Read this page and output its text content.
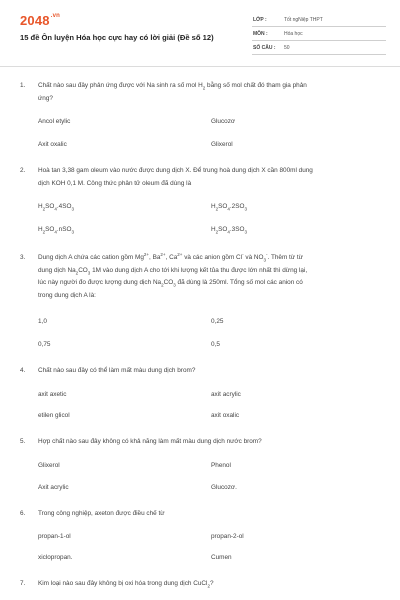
$2048^{.vn}$
15 đề Ôn luyện Hóa học cực hay có lời giải (Đề số 12)
LỚP :	Tốt ngNiệp THPT
MÔN :	Hóa học
SỐ CÂU : 50
1. Chất nào sau đây phản ứng được với Na sinh ra số mol $H_2$ bằng số mol chất đó tham gia phản
ứng?
Ancol etylic	Glucozơ
Axit oxalic	Glixerol
2. Hoà tan 3,38 gam oleum vào nước được dung dịch X. Để trung hoà dung dịch X cần 800ml dung
dịch KOH 0,1 M. Công thức phân tử oleum đã dùng là
$H_2SO_4.4SO_3$	$H_2SO_4.2SO_3$
$H_2SO_4.nSO_3$	$H_2SO_4.3SO_3$
3. Dung dịch A chứa các cation gồm $Mg^{2+}$, $Ba^{2+}$, $Ca^{2+}$ và các anion gồm Cl- và $NO_3^-$. Thêm từ từ
dung dịch $Na_2CO_3$ 1M vào dung dịch A cho tới khi lượng kết tủa thu được lớn nhất thì dừng lại,
lúc này người đo được lượng dung dịch $Na_2CO_3$ đã dùng là 250ml. Tổng số mol các anion có
trong dung dịch A là:
1,0	0,25
0,75	0,5
4. Chất nào sau đây có thể làm mất màu dung dịch brom?
axit axetic	axit acrylic
etilen glicol	axit oxalic
5. Hợp chất nào sau đây không có khả năng làm mất màu dung dịch nước brom?
Glixerol	Phenol
Axit acrylic	Glucozơ.
6. Trong công nghiệp, axeton được điều chế từ
propan-1-ol	propan-2-ol
xiclopropan.	Cumen
7. Kim loại nào sau đây không bị oxi hóa trong dung dịch CuCl$_2$?
